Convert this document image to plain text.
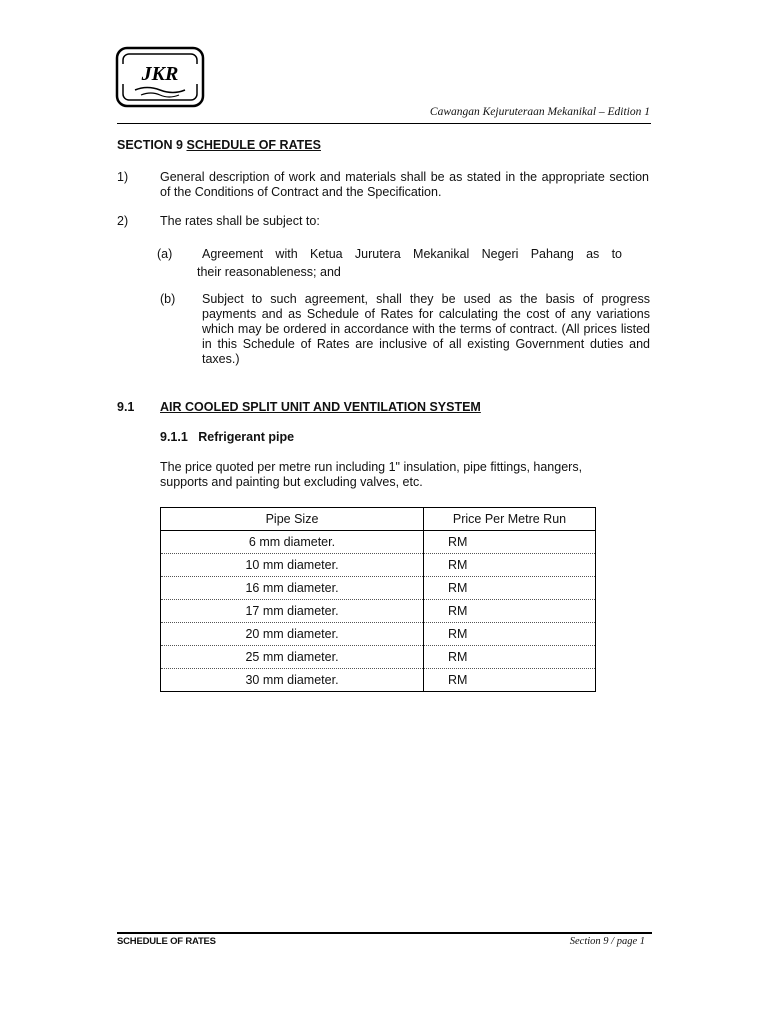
JKR
Cawangan Kejuruteraan Mekanikal – Edition 1
SECTION 9 SCHEDULE OF RATES
1)	General description of work and materials shall be as stated in the appropriate section of the Conditions of Contract and the Specification.
2)	The rates shall be subject to:
(a) Agreement with Ketua Jurutera Mekanikal Negeri Pahang as to
their reasonableness; and
(b) Subject to such agreement, shall they be used as the basis of progress payments and as Schedule of Rates for calculating the cost of any variations which may be ordered in accordance with the terms of contract. (All prices listed in this Schedule of Rates are inclusive of all existing Government duties and taxes.)
9.1 AIR COOLED SPLIT UNIT AND VENTILATION SYSTEM
9.1.1   Refrigerant pipe
The price quoted per metre run including 1" insulation, pipe fittings, hangers, supports and painting but excluding valves, etc.
Pipe Size	Price Per Metre Run
6 mm diameter.	RM
10 mm diameter.	RM
16 mm diameter.	RM
17 mm diameter.	RM
20 mm diameter.	RM
25 mm diameter.	RM
30 mm diameter.	RM
SCHEDULE OF RATES	Section 9 / page 1
